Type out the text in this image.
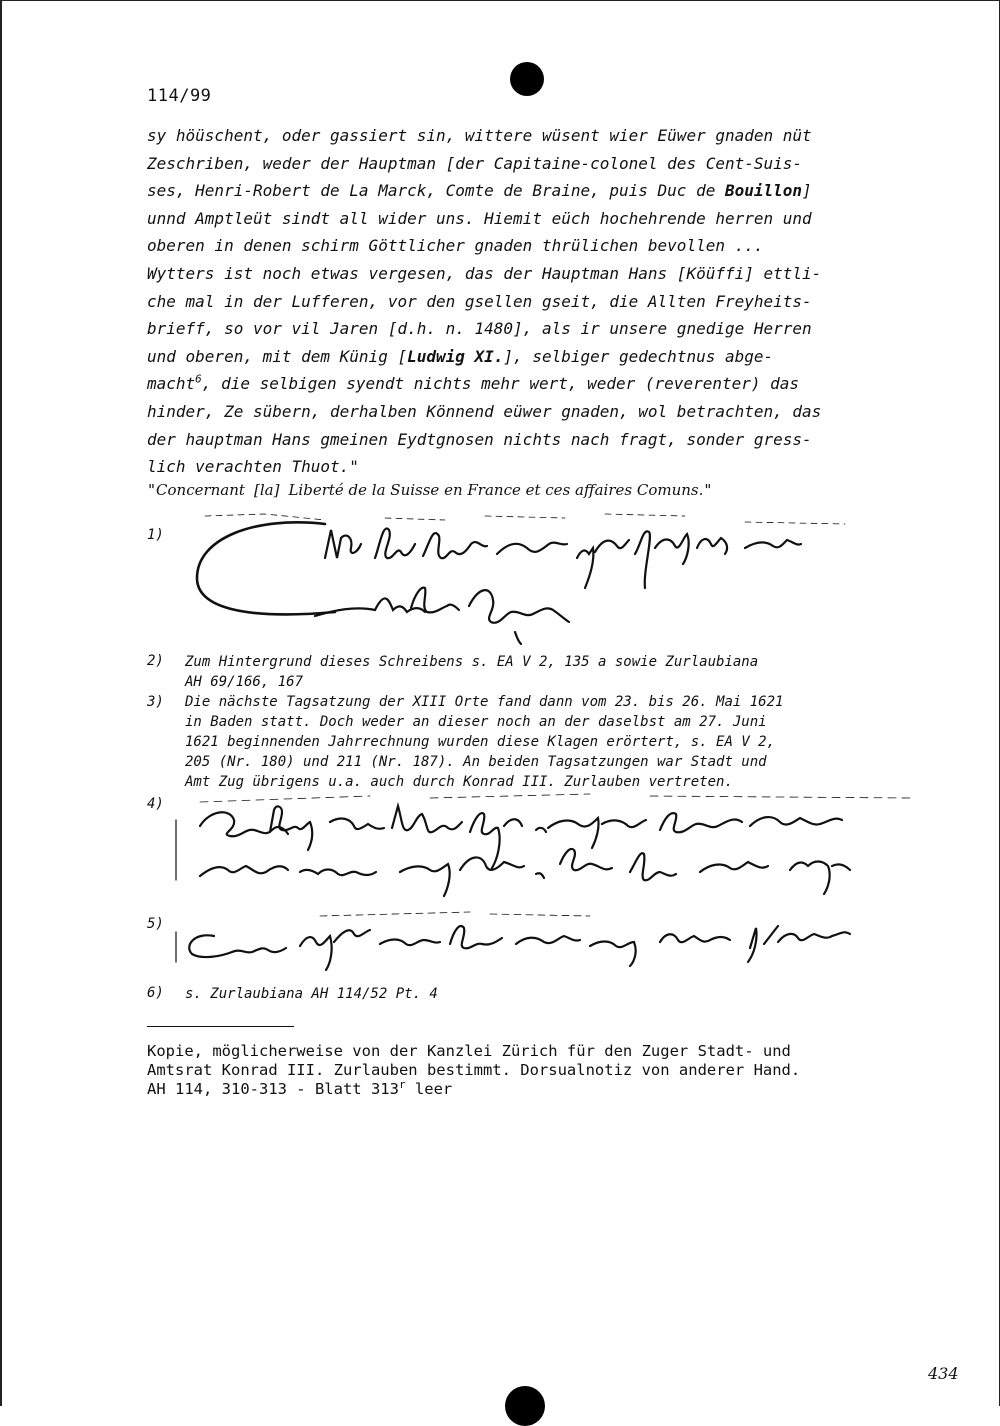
114/99
sy höüschent, oder gassiert sin, wittere wüsent wier Eüwer gnaden nüt
Zeschriben, weder der Hauptman [der Capitaine-colonel des Cent-Suis-
ses, Henri-Robert de La Marck, Comte de Braine, puis Duc de Bouillon]
unnd Amptleüt sindt all wider uns. Hiemit eüch hochehrende herren und
oberen in denen schirm Göttlicher gnaden thrülichen bevollen ...
Wytters ist noch etwas vergesen, das der Hauptman Hans [Köüffi] ettli-
che mal in der Lufferen, vor den gsellen gseit, die Allten Freyheits-
brieff, so vor vil Jaren [d.h. n. 1480], als ir unsere gnedige Herren
und oberen, mit dem Künig [Ludwig XI.], selbiger gedechtnus abge-
macht$^6$, die selbigen syendt nichts mehr wert, weder (reverenter) das
hinder, Ze sübern, derhalben Könnend eüwer gnaden, wol betrachten, das
der hauptman Hans gmeinen Eydtgnosen nichts nach fragt, sonder gress-
lich verachten Thuot."
"Concernant [la] Liberté de la Suisse en France et ces affaires Comuns."
1)
2) Zum Hintergrund dieses Schreibens s. EA V 2, 135 a sowie Zurlaubiana
AH 69/166, 167
3) Die nächste Tagsatzung der XIII Orte fand dann vom 23. bis 26. Mai 1621
in Baden statt. Doch weder an dieser noch an der daselbst am 27. Juni
1621 beginnenden Jahrrechnung wurden diese Klagen erörtert, s. EA V 2,
205 (Nr. 180) und 211 (Nr. 187). An beiden Tagsatzungen war Stadt und
Amt Zug übrigens u.a. auch durch Konrad III. Zurlauben vertreten.
4)
5)
6) s. Zurlaubiana AH 114/52 Pt. 4
Kopie, möglicherweise von der Kanzlei Zürich für den Zuger Stadt- und
Amtsrat Konrad III. Zurlauben bestimmt. Dorsualnotiz von anderer Hand.
AH 114, 310-313 - Blatt 313$^r$ leer
434
